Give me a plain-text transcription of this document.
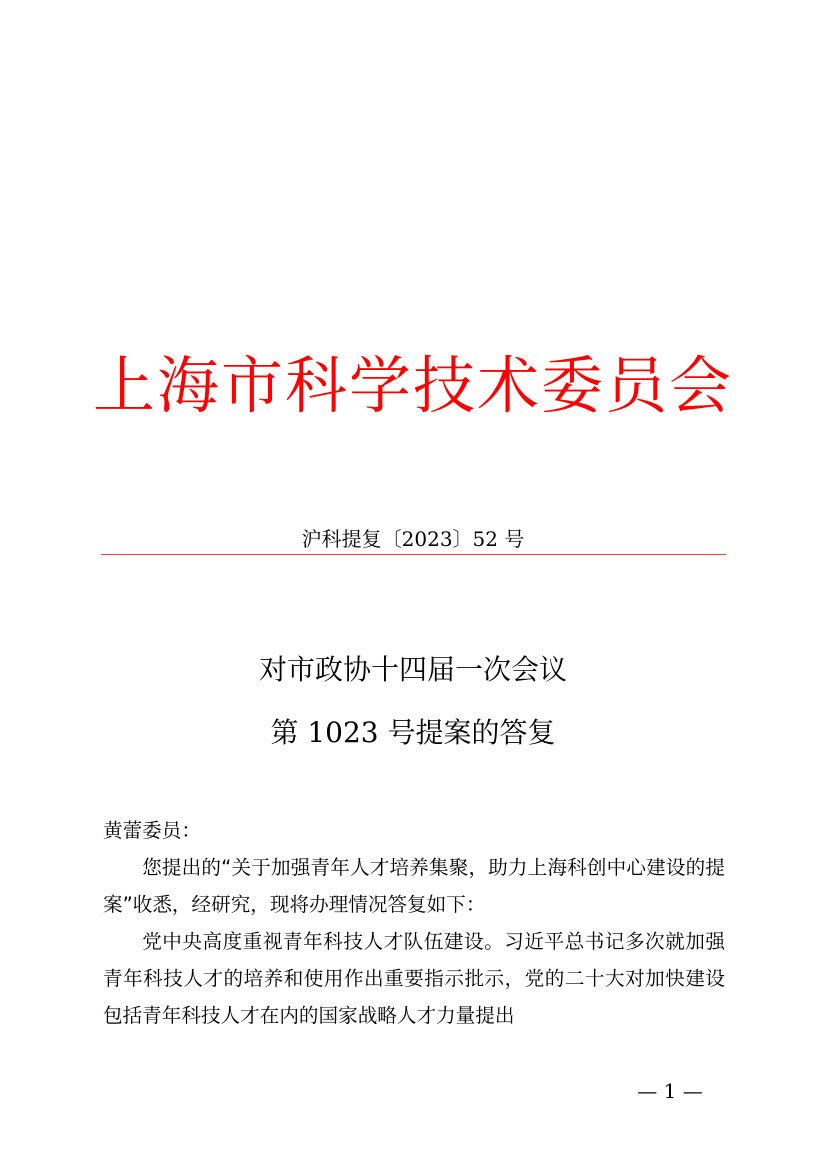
上海市科学技术委员会
沪科提复〔2023〕52 号
对市政协十四届一次会议
第 1023 号提案的答复

黄蕾委员：

您提出的“关于加强青年人才培养集聚，助力上海科创中心建设的提案”收悉，经研究，现将办理情况答复如下：

党中央高度重视青年科技人才队伍建设。习近平总书记多次就加强青年科技人才的培养和使用作出重要指示批示，党的二十大对加快建设包括青年科技人才在内的国家战略人才力量提出

— 1 —
